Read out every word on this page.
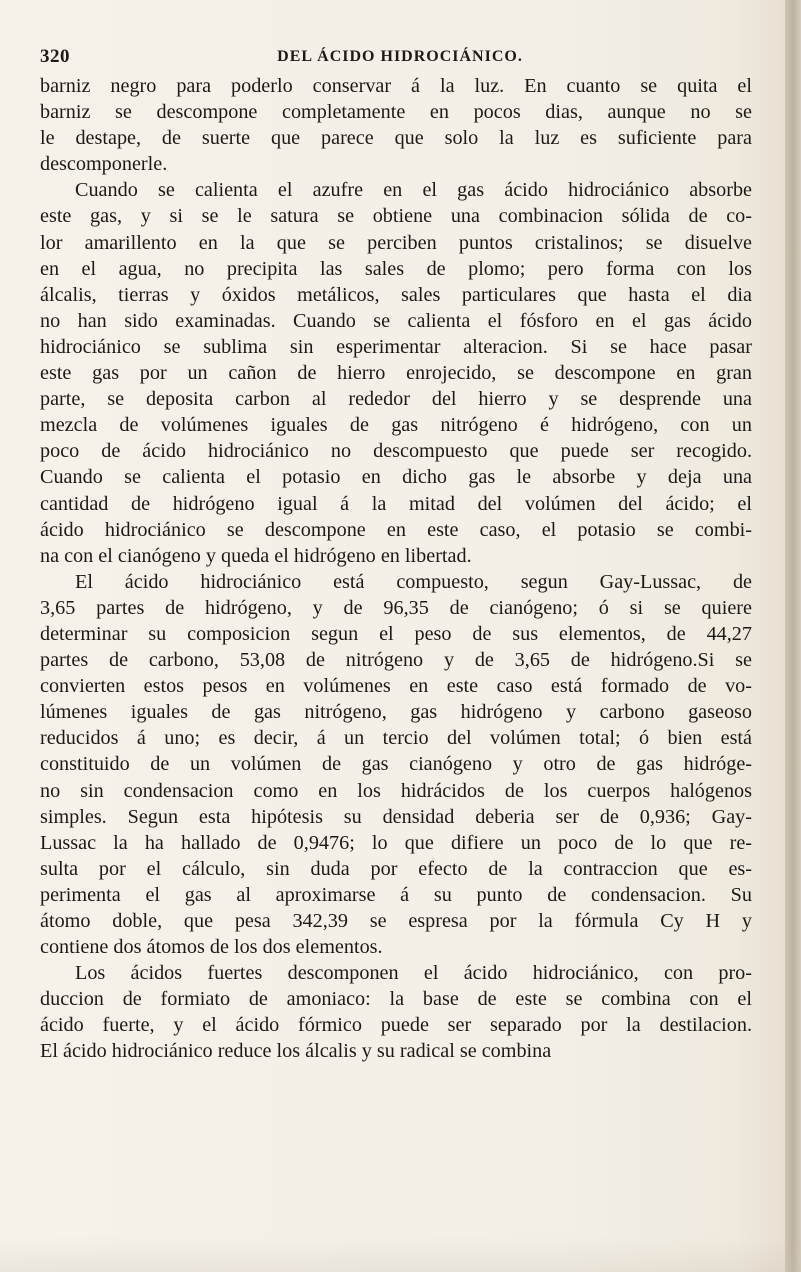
320	DEL ÁCIDO HIDROCIÁNICO.
barniz negro para poderlo conservar á la luz. En cuanto se quita el
barniz se descompone completamente en pocos dias, aunque no se
le destape, de suerte que parece que solo la luz es suficiente para
descomponerle.
Cuando se calienta el azufre en el gas ácido hidrociánico absorbe
este gas, y si se le satura se obtiene una combinacion sólida de co-
lor amarillento en la que se perciben puntos cristalinos; se disuelve
en el agua, no precipita las sales de plomo; pero forma con los
álcalis, tierras y óxidos metálicos, sales particulares que hasta el dia
no han sido examinadas. Cuando se calienta el fósforo en el gas ácido
hidrociánico se sublima sin esperimentar alteracion. Si se hace pasar
este gas por un cañon de hierro enrojecido, se descompone en gran
parte, se deposita carbon al rededor del hierro y se desprende una
mezcla de volúmenes iguales de gas nitrógeno é hidrógeno, con un
poco de ácido hidrociánico no descompuesto que puede ser recogido.
Cuando se calienta el potasio en dicho gas le absorbe y deja una
cantidad de hidrógeno igual á la mitad del volúmen del ácido; el
ácido hidrociánico se descompone en este caso, el potasio se combi-
na con el cianógeno y queda el hidrógeno en libertad.
El ácido hidrociánico está compuesto, segun Gay-Lussac, de
3,65 partes de hidrógeno, y de 96,35 de cianógeno; ó si se quiere
determinar su composicion segun el peso de sus elementos, de 44,27
partes de carbono, 53,08 de nitrógeno y de 3,65 de hidrógeno.Si se
convierten estos pesos en volúmenes en este caso está formado de vo-
lúmenes iguales de gas nitrógeno, gas hidrógeno y carbono gaseoso
reducidos á uno; es decir, á un tercio del volúmen total; ó bien está
constituido de un volúmen de gas cianógeno y otro de gas hidróge-
no sin condensacion como en los hidrácidos de los cuerpos halógenos
simples. Segun esta hipótesis su densidad deberia ser de 0,936; Gay-
Lussac la ha hallado de 0,9476; lo que difiere un poco de lo que re-
sulta por el cálculo, sin duda por efecto de la contraccion que es-
perimenta el gas al aproximarse á su punto de condensacion. Su
átomo doble, que pesa 342,39 se espresa por la fórmula Cy H y
contiene dos átomos de los dos elementos.
Los ácidos fuertes descomponen el ácido hidrociánico, con pro-
duccion de formiato de amoniaco: la base de este se combina con el
ácido fuerte, y el ácido fórmico puede ser separado por la destilacion.
El ácido hidrociánico reduce los álcalis y su radical se combina
